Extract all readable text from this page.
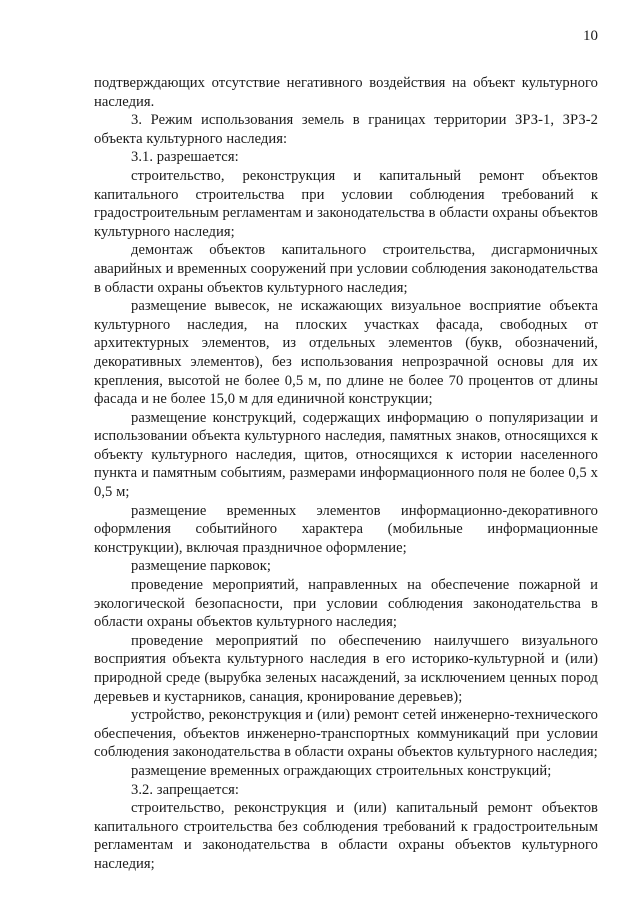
10

подтверждающих отсутствие негативного воздействия на объект культурного наследия.

3. Режим использования земель в границах территории ЗРЗ-1, ЗРЗ-2 объекта культурного наследия:

3.1. разрешается:

строительство, реконструкция и капитальный ремонт объектов капитального строительства при условии соблюдения требований к градостроительным регламентам и законодательства в области охраны объектов культурного наследия;

демонтаж объектов капитального строительства, дисгармоничных аварийных и временных сооружений при условии соблюдения законодательства в области охраны объектов культурного наследия;

размещение вывесок, не искажающих визуальное восприятие объекта культурного наследия, на плоских участках фасада, свободных от архитектурных элементов, из отдельных элементов (букв, обозначений, декоративных элементов), без использования непрозрачной основы для их крепления, высотой не более 0,5 м, по длине не более 70 процентов от длины фасада и не более 15,0 м для единичной конструкции;

размещение конструкций, содержащих информацию о популяризации и использовании объекта культурного наследия, памятных знаков, относящихся к объекту культурного наследия, щитов, относящихся к истории населенного пункта и памятным событиям, размерами информационного поля не более 0,5 х 0,5 м;

размещение временных элементов информационно-декоративного оформления событийного характера (мобильные информационные конструкции), включая праздничное оформление;

размещение парковок;

проведение мероприятий, направленных на обеспечение пожарной и экологической безопасности, при условии соблюдения законодательства в области охраны объектов культурного наследия;

проведение мероприятий по обеспечению наилучшего визуального восприятия объекта культурного наследия в его историко-культурной и (или) природной среде (вырубка зеленых насаждений, за исключением ценных пород деревьев и кустарников, санация, кронирование деревьев);

устройство, реконструкция и (или) ремонт сетей инженерно-технического обеспечения, объектов инженерно-транспортных коммуникаций при условии соблюдения законодательства в области охраны объектов культурного наследия;

размещение временных ограждающих строительных конструкций;

3.2. запрещается:

строительство, реконструкция и (или) капитальный ремонт объектов капитального строительства без соблюдения требований к градостроительным регламентам и законодательства в области охраны объектов культурного наследия;
